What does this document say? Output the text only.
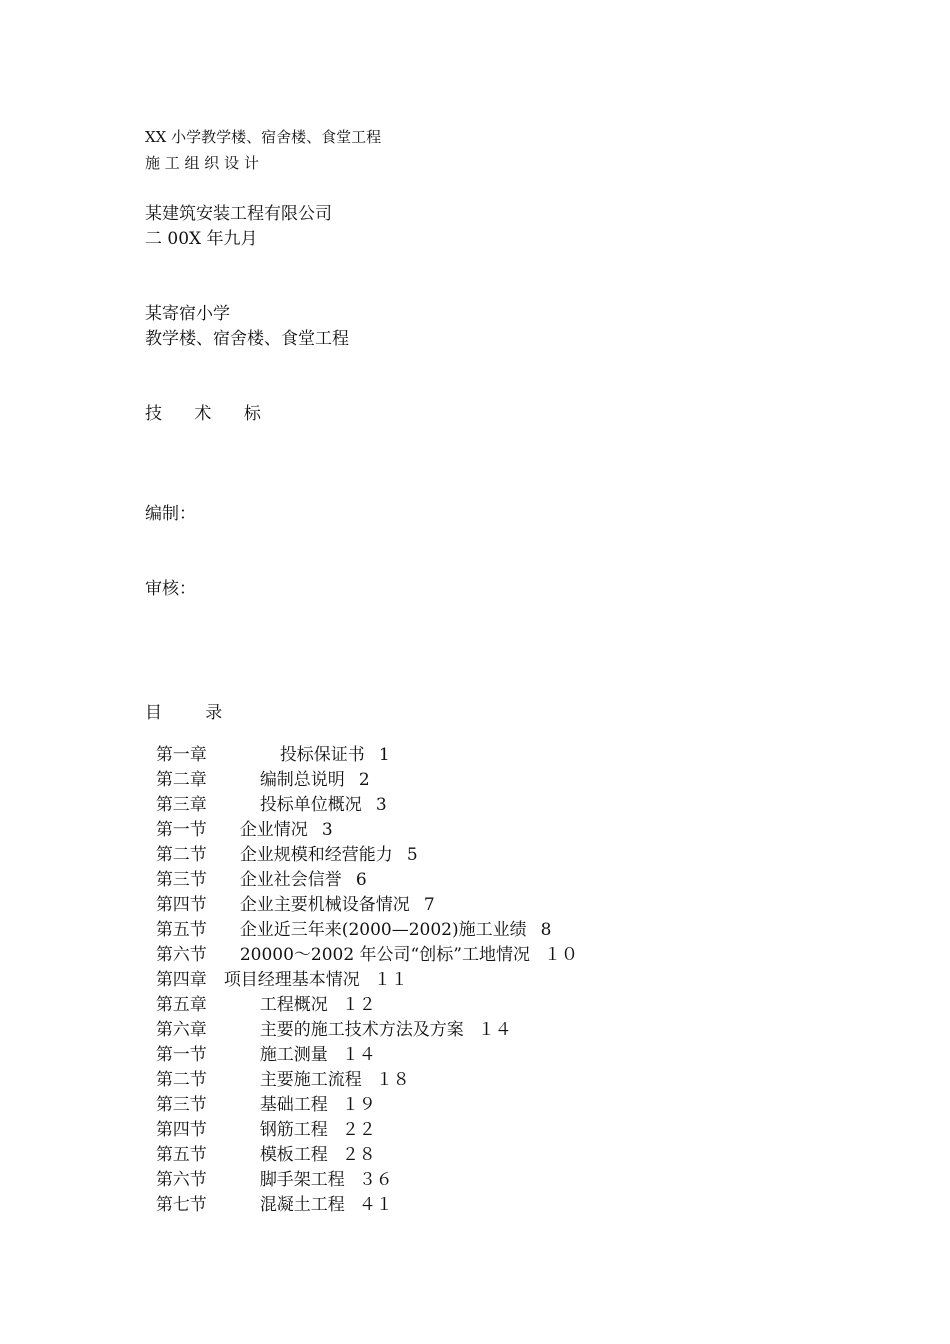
XX 小学教学楼、宿舍楼、食堂工程
施 工 组 织 设 计
某建筑安装工程有限公司
二 00X 年九月
某寄宿小学
教学楼、宿舍楼、食堂工程
技      术      标
编制：
审核：
目        录

第一章	投标保证书 1

第二章	编制总说明 2

第三章	投标单位概况 3

第一节 企业情况 3

第二节 企业规模和经营能力 5

第三节 企业社会信誉 6

第四节 企业主要机械设备情况 7

第五节 企业近三年来(2000—2002)施工业绩 8

第六节 20000～2002 年公司“创标”工地情况 １０

第四章 项目经理基本情况 １１

第五章	工程概况 １２

第六章	主要的施工技术方法及方案 １４

第一节	施工测量 １４

第二节	主要施工流程 １８

第三节	基础工程 １９

第四节	钢筋工程 ２２

第五节	模板工程 ２８

第六节	脚手架工程 ３６

第七节	混凝土工程 ４１
